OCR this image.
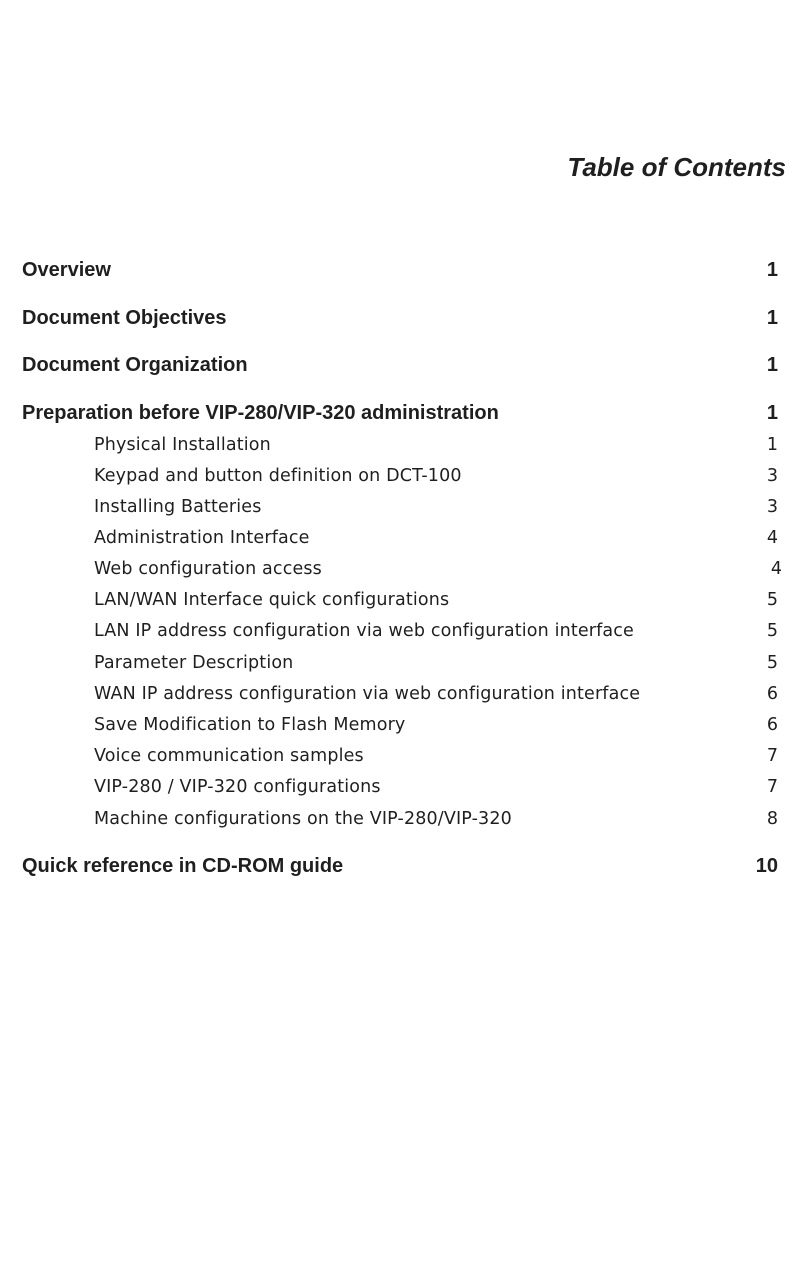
Table of Contents
Overview	1
Document Objectives	1
Document Organization	1
Preparation before VIP-280/VIP-320 administration	1
Physical Installation	1
Keypad and button definition on DCT-100	3
Installing Batteries	3
Administration Interface	4
Web configuration access	4
LAN/WAN Interface quick configurations	5
LAN IP address configuration via web configuration interface	5
Parameter Description	5
WAN IP address configuration via web configuration interface	6
Save Modification to Flash Memory	6
Voice communication samples	7
VIP-280 / VIP-320 configurations	7
Machine configurations on the VIP-280/VIP-320	8
Quick reference in CD-ROM guide	10
